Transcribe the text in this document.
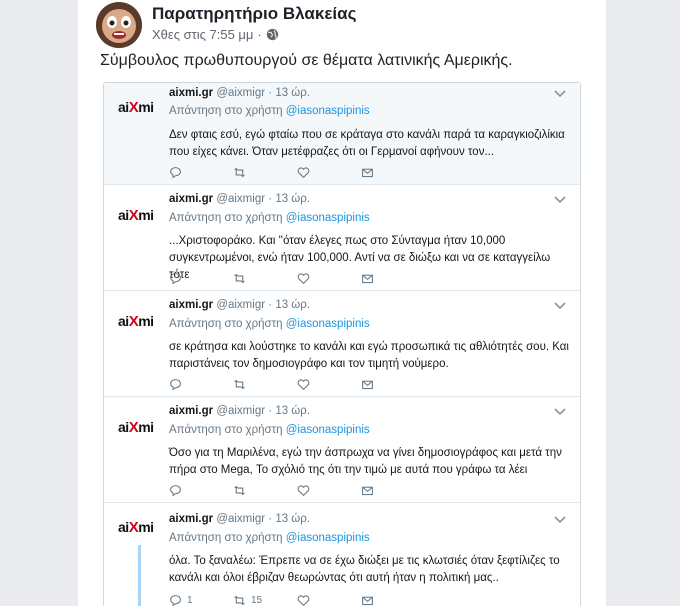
Παρατηρητήριο Βλακείας
Χθες στις 7:55 μμ ·
Σύμβουλος πρωθυπουργού σε θέματα λατινικής Αμερικής.
aiXmi
aixmi.gr @aixmigr · 13 ώρ.
Απάντηση στο χρήστη @iasonaspipinis
Δεν φταις εσύ, εγώ φταίω που σε κράταγα στο κανάλι παρά τα καραγκιοζιλίκια
που είχες κάνει. Όταν μετέφραζες ότι οι Γερμανοί αφήνουν τον...
aiXmi
aixmi.gr @aixmigr · 13 ώρ.
Απάντηση στο χρήστη @iasonaspipinis
...Χριστοφοράκο. Και ''όταν έλεγες πως στο Σύνταγμα ήταν 10,000
συγκεντρωμένοι, ενώ ήταν 100,000. Αντί να σε διώξω και να σε καταγγείλω τότε
aiXmi
aixmi.gr @aixmigr · 13 ώρ.
Απάντηση στο χρήστη @iasonaspipinis
σε κράτησα και λούστηκε το κανάλι και εγώ προσωπικά τις αθλιότητές σου. Και
παριστάνεις τον δημοσιογράφο και τον τιμητή νούμερο.
aiXmi
aixmi.gr @aixmigr · 13 ώρ.
Απάντηση στο χρήστη @iasonaspipinis
Όσο για τη Μαριλένα, εγώ την άσπρωχα να γίνει δημοσιογράφος και μετά την
πήρα στο Mega, Το σχόλιό της ότι την τιμώ με αυτά που γράφω τα λέει
aiXmi aixmi.gr @aixmigr · 13 ώρ.
Απάντηση στο χρήστη @iasonaspipinis
όλα. Το ξαναλέω: Έπρεπε να σε έχω διώξει με τις κλωτσιές όταν ξεφτίλιζες το
κανάλι και όλοι έβριζαν θεωρώντας ότι αυτή ήταν η πολιτική μας..
1	15
